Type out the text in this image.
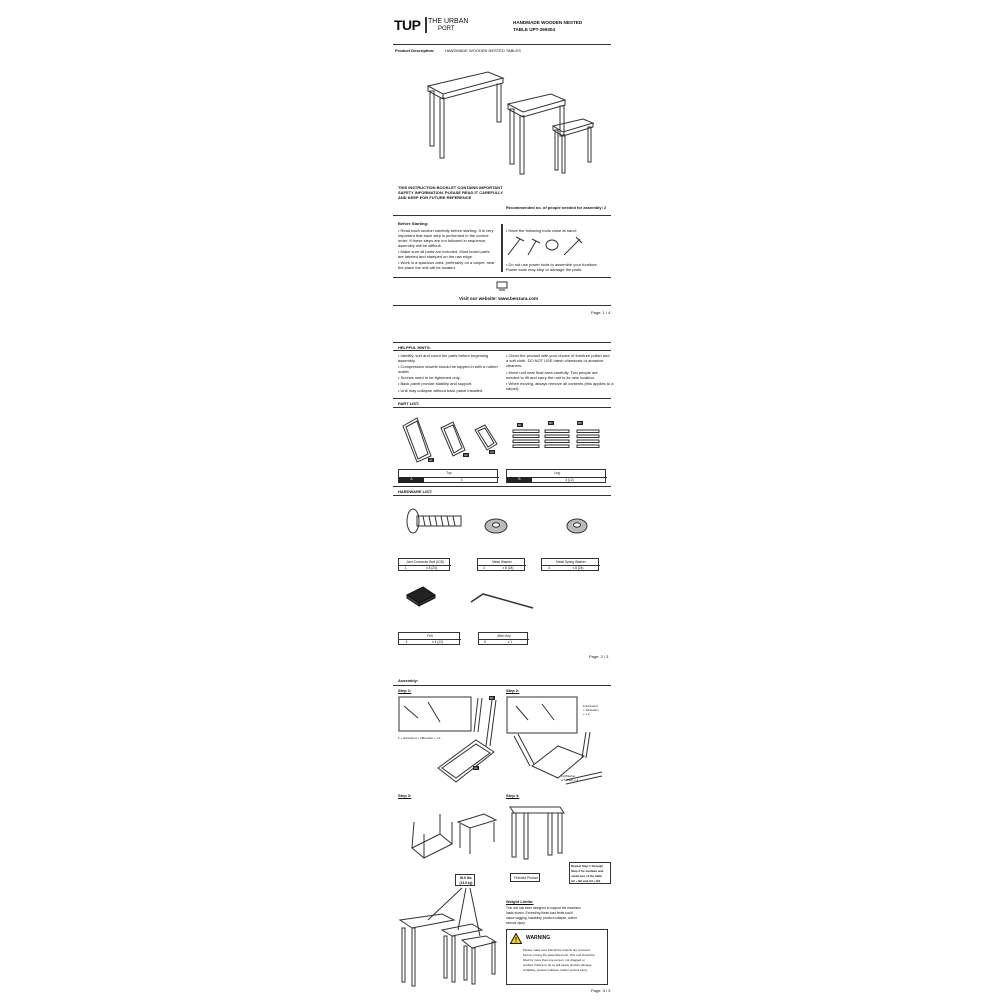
TUP THE URBAN
PORT
HANDMADE WOODEN NESTED
TABLE UPT-269304
Product Description:	HANDMADE WOODEN NESTED TABLES
THIS INSTRUCTION BOOKLET CONTAINS IMPORTANT
SAFETY INFORMATION. PLEASE READ IT CAREFULLY
AND KEEP FOR FUTURE REFERENCE
Recommended no. of people needed for assembly: 2
Before Starting:
• Read each section carefully before starting. It is very
important that each step is performed in the correct
order. If these steps are not followed in sequence,
assembly will be difficult.
• Make sure all parts are included. Most board parts
are labeled and stamped on the raw edge.
• Work in a spacious area, preferably on a carpet, near
the place the unit will be located.
• Have the following tools close at hand:
• Do not use power tools to assemble your furniture.
Power tools may strip or damage the parts.
Visit our website: www.benzara.com
Page: 1 / 4
HELPFUL HINTS:
• Identify, sort and count the parts before beginning
assembly.
• Compression dowels should be tapped in with a rubber
mallet.
• Screws need to be tightened only.
• Back panel provide stability and support.
• Unit may collapse without back panel installed.
• Clean the product with your choice of furniture polish and
a soft cloth. DO NOT USE harsh chemicals or abrasive
cleaners.
• Move unit near final area carefully. Two people are
needed to lift and carry the unit to its new location.
• When moving, always remove all contents (this applies to a
carpet).
PART LIST:
A1
A2
A3
B1	B2	B3
Top
A	3
Leg
B	4 (12)
HARDWARE LIST:
Joint Connector Bolt (JCB)
1	x 8 (24)
Metal Washer
2	x 8 (24)
Metal Spring Washer
3	x 8 (24)
Felt
4	x 4 (12)
Allen Key
5	x 1
Page: 2 / 3
Assembly:
Step 1:
A1
B1
1 + Screw(en) + 2Bl.ender + x 4
Step 2:
1(screwen)
+ 2(bender)
+ x 4
1x(Washer
w Screw) x 4
Step 3:	Step 4:
Finished Product
Repeat Step 1 through
Step 3 for medium and
small size of the table
A2 + B2 and A3 + B3.
30.6 lbs.
(13.9 kg)
Weight Limits:
This unit has been designed to support the maximum
loads shown. Exceeding these load limits could
cause sagging, instability, product collapse, and/or
serious injury.
WARNING
Please make sure that all the objects are removed
before moving the assembled unit. This unit should be
lifted by more than one person, not dragged or
pushed. Failure to do so will cause product damage,
instability, product collapse, and/or serious injury.
Page: 3 / 3
